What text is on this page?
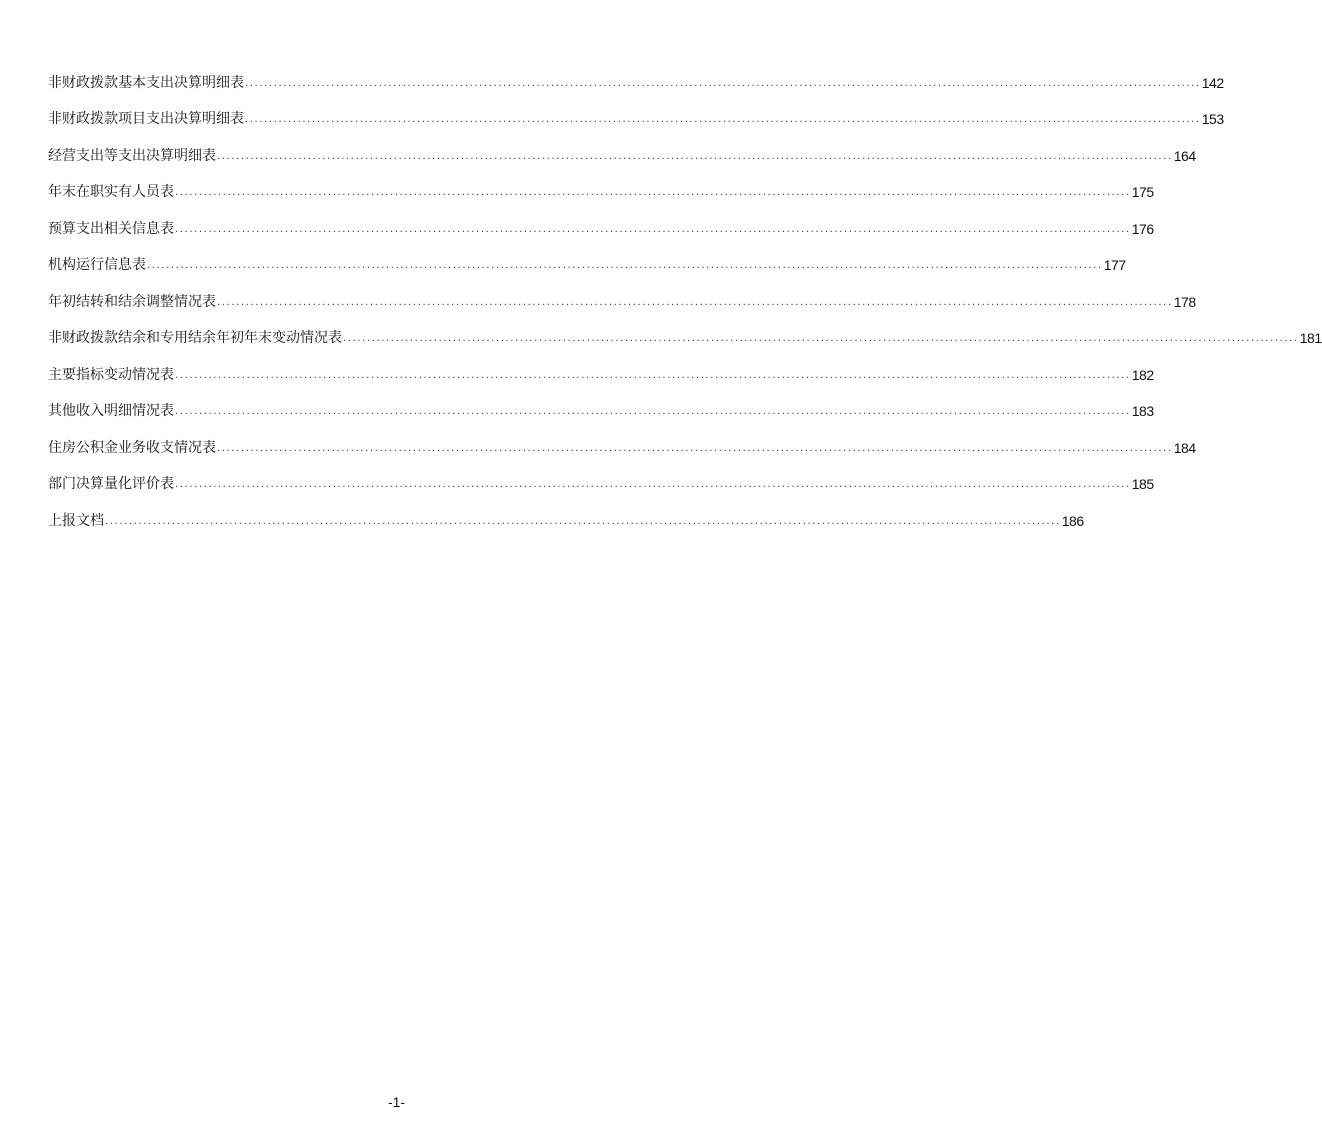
非财政拨款基本支出决算明细表 ........................................................................................................................................................................................................ 142
非财政拨款项目支出决算明细表 ........................................................................................................................................................................................................ 153
经营支出等支出决算明细表 ........................................................................................................................................................................................................ 164
年末在职实有人员表 ........................................................................................................................................................................................................ 175
预算支出相关信息表 ........................................................................................................................................................................................................ 176
机构运行信息表 ........................................................................................................................................................................................................ 177
年初结转和结余调整情况表 ........................................................................................................................................................................................................ 178
非财政拨款结余和专用结余年初年末变动情况表 ........................................................................................................................................................................................................ 181
主要指标变动情况表 ........................................................................................................................................................................................................ 182
其他收入明细情况表 ........................................................................................................................................................................................................ 183
住房公积金业务收支情况表 ........................................................................................................................................................................................................ 184
部门决算量化评价表 ........................................................................................................................................................................................................ 185
上报文档 ........................................................................................................................................................................................................ 186
-1-
